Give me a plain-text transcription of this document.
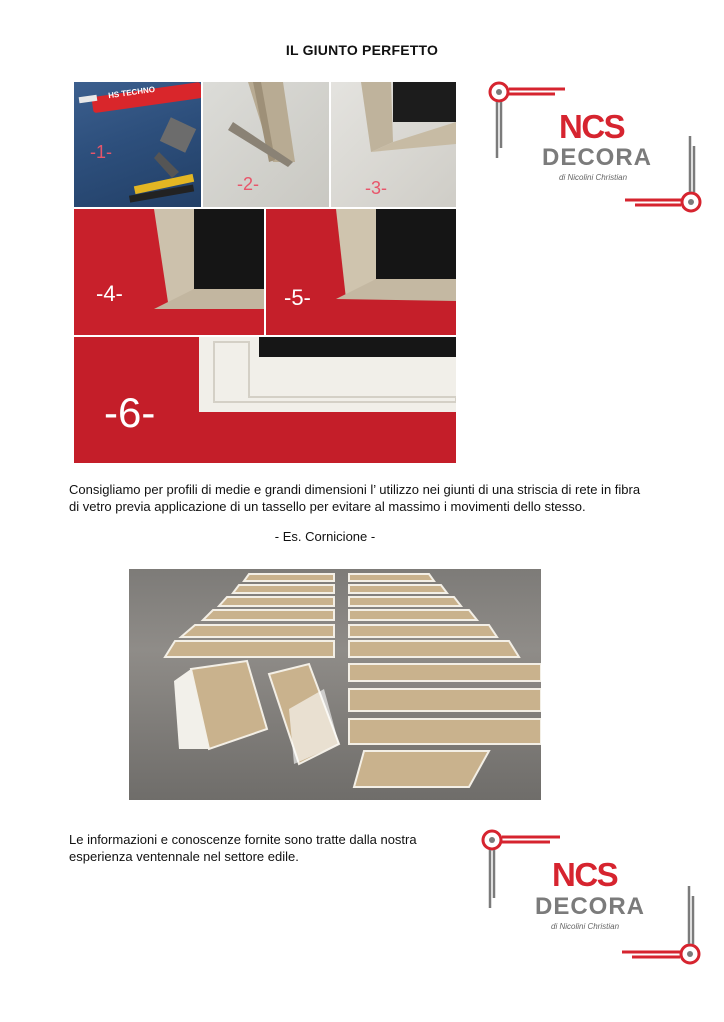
IL GIUNTO PERFETTO
-1-
HS TECHNO
-2-	-3-
-4-	-5-
-6-
NCS
DECORA
di Nicolini Christian
Consigliamo per profili di medie e grandi dimensioni l’ utilizzo nei giunti di una striscia di rete in fibra di vetro previa applicazione di un tassello per evitare al massimo i movimenti dello stesso.
- Es. Cornicione -
Le informazioni e conoscenze fornite sono tratte dalla nostra esperienza ventennale nel settore edile.	NCS
DECORA
di Nicolini Christian
